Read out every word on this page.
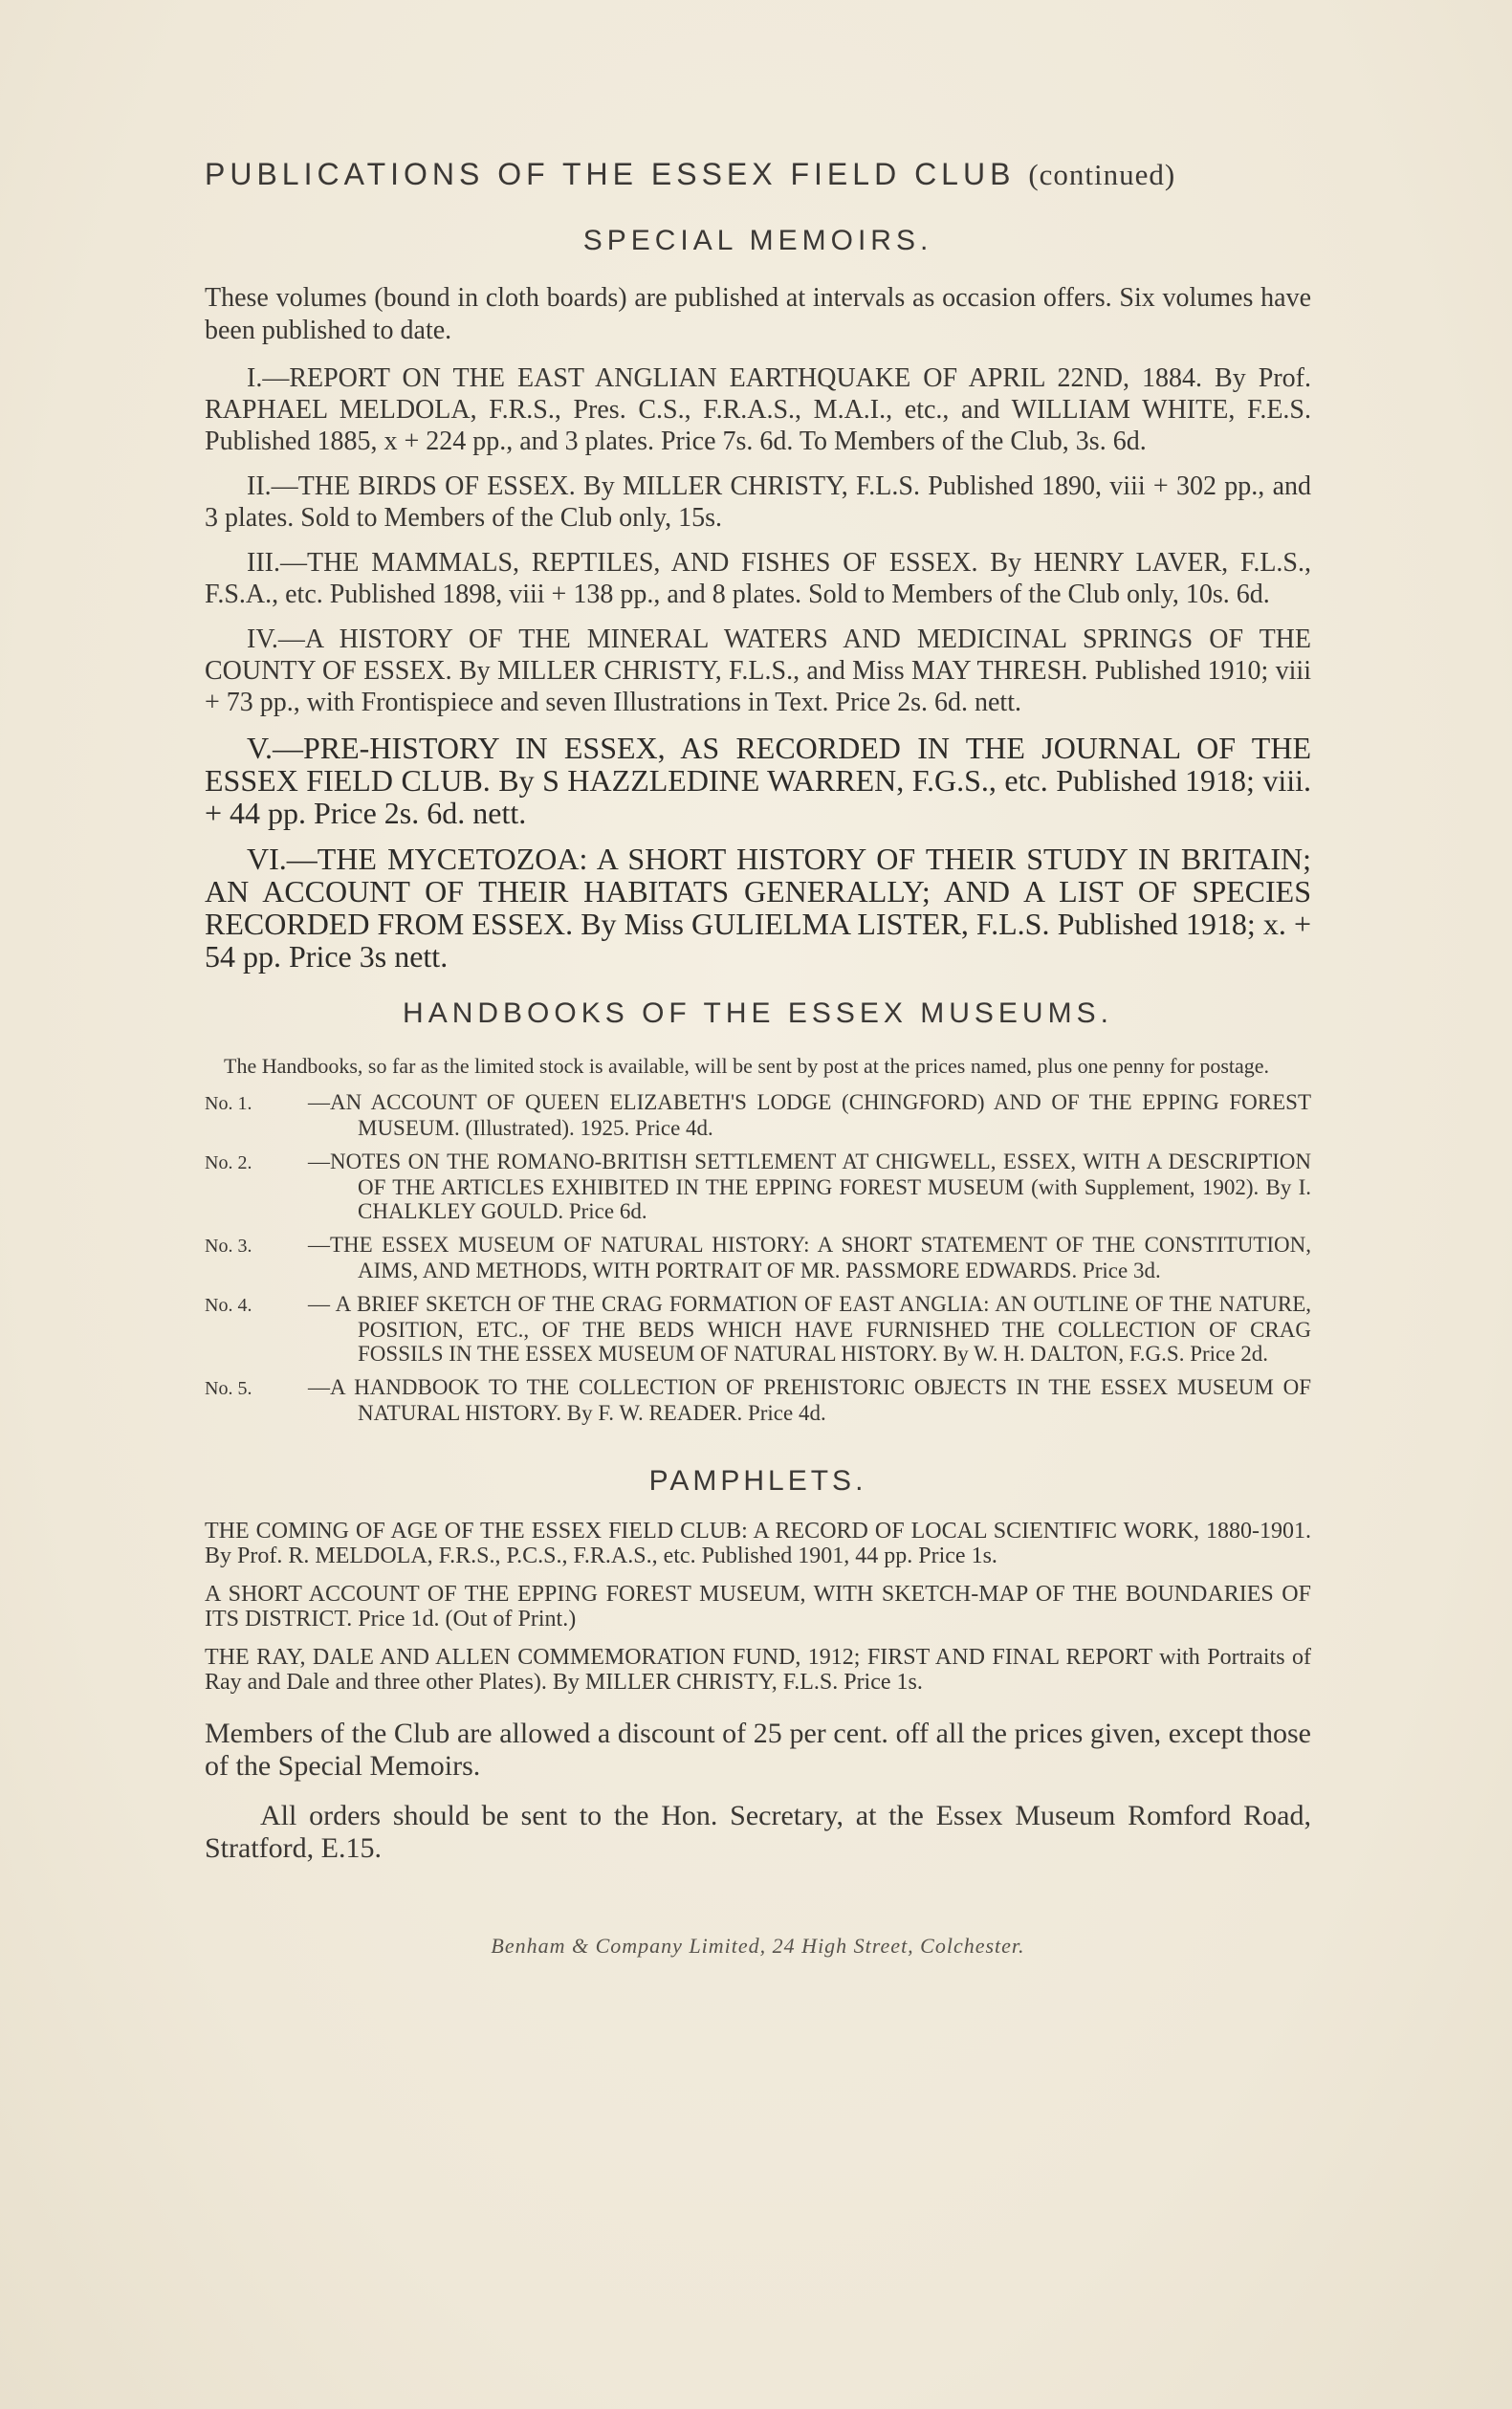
PUBLICATIONS OF THE ESSEX FIELD CLUB (continued)
SPECIAL MEMOIRS.

These volumes (bound in cloth boards) are published at intervals as occasion offers. Six volumes have been published to date.

I.—REPORT ON THE EAST ANGLIAN EARTHQUAKE OF APRIL 22ND, 1884. By Prof. RAPHAEL MELDOLA, F.R.S., Pres. C.S., F.R.A.S., M.A.I., etc., and WILLIAM WHITE, F.E.S. Published 1885, x + 224 pp., and 3 plates. Price 7s. 6d. To Members of the Club, 3s. 6d.

II.—THE BIRDS OF ESSEX. By MILLER CHRISTY, F.L.S. Published 1890, viii + 302 pp., and 3 plates. Sold to Members of the Club only, 15s.

III.—THE MAMMALS, REPTILES, AND FISHES OF ESSEX. By HENRY LAVER, F.L.S., F.S.A., etc. Published 1898, viii + 138 pp., and 8 plates. Sold to Members of the Club only, 10s. 6d.

IV.—A HISTORY OF THE MINERAL WATERS AND MEDICINAL SPRINGS OF THE COUNTY OF ESSEX. By MILLER CHRISTY, F.L.S., and Miss MAY THRESH. Published 1910; viii + 73 pp., with Frontispiece and seven Illustrations in Text. Price 2s. 6d. nett.

V.—PRE-HISTORY IN ESSEX, AS RECORDED IN THE JOURNAL OF THE ESSEX FIELD CLUB. By S HAZZLEDINE WARREN, F.G.S., etc. Published 1918; viii. + 44 pp. Price 2s. 6d. nett.

VI.—THE MYCETOZOA: A SHORT HISTORY OF THEIR STUDY IN BRITAIN; AN ACCOUNT OF THEIR HABITATS GENERALLY; AND A LIST OF SPECIES RECORDED FROM ESSEX. By Miss GULIELMA LISTER, F.L.S. Published 1918; x. + 54 pp. Price 3s nett.

HANDBOOKS OF THE ESSEX MUSEUMS.

The Handbooks, so far as the limited stock is available, will be sent by post at the prices named, plus one penny for postage.

No. 1.	—AN ACCOUNT OF QUEEN ELIZABETH'S LODGE (CHINGFORD) AND OF THE EPPING FOREST MUSEUM. (Illustrated). 1925. Price 4d.

No. 2.	—NOTES ON THE ROMANO-BRITISH SETTLEMENT AT CHIGWELL, ESSEX, WITH A DESCRIPTION OF THE ARTICLES EXHIBITED IN THE EPPING FOREST MUSEUM (with Supplement, 1902). By I. CHALKLEY GOULD. Price 6d.

No. 3.	—THE ESSEX MUSEUM OF NATURAL HISTORY: A SHORT STATEMENT OF THE CONSTITUTION, AIMS, AND METHODS, WITH PORTRAIT OF MR. PASSMORE EDWARDS. Price 3d.

No. 4.	— A BRIEF SKETCH OF THE CRAG FORMATION OF EAST ANGLIA: AN OUTLINE OF THE NATURE, POSITION, ETC., OF THE BEDS WHICH HAVE FURNISHED THE COLLECTION OF CRAG FOSSILS IN THE ESSEX MUSEUM OF NATURAL HISTORY. By W. H. DALTON, F.G.S. Price 2d.

No. 5.	—A HANDBOOK TO THE COLLECTION OF PREHISTORIC OBJECTS IN THE ESSEX MUSEUM OF NATURAL HISTORY. By F. W. READER. Price 4d.

PAMPHLETS.

THE COMING OF AGE OF THE ESSEX FIELD CLUB: A RECORD OF LOCAL SCIENTIFIC WORK, 1880-1901. By Prof. R. MELDOLA, F.R.S., P.C.S., F.R.A.S., etc. Published 1901, 44 pp. Price 1s.

A SHORT ACCOUNT OF THE EPPING FOREST MUSEUM, WITH SKETCH-MAP OF THE BOUNDARIES OF ITS DISTRICT. Price 1d. (Out of Print.)

THE RAY, DALE AND ALLEN COMMEMORATION FUND, 1912; FIRST AND FINAL REPORT with Portraits of Ray and Dale and three other Plates). By MILLER CHRISTY, F.L.S. Price 1s.

Members of the Club are allowed a discount of 25 per cent. off all the prices given, except those of the Special Memoirs.

All orders should be sent to the Hon. Secretary, at the Essex Museum Romford Road, Stratford, E.15.

Benham & Company Limited, 24 High Street, Colchester.
